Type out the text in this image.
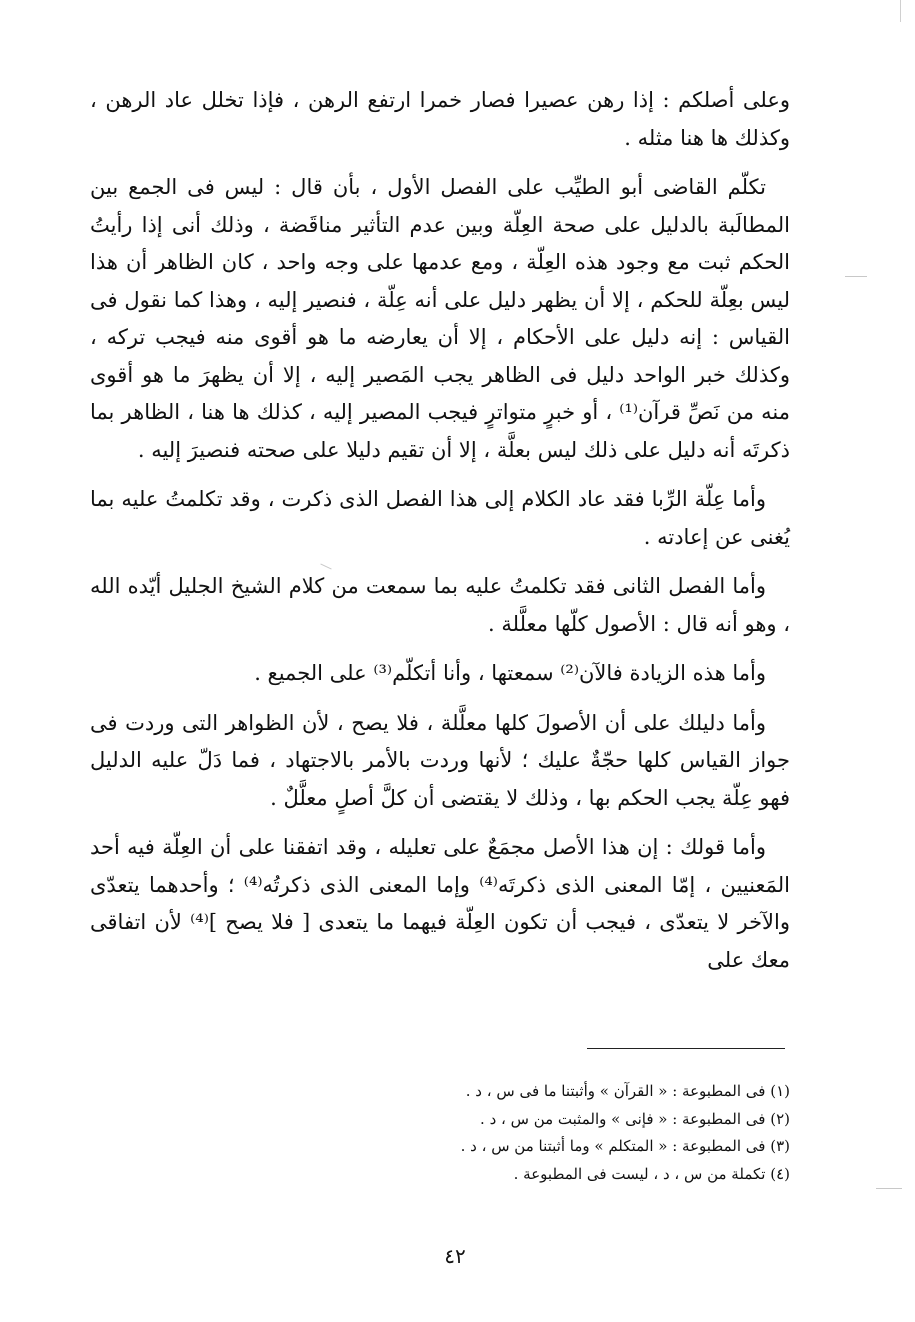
وعلى أصلكم : إذا رهن عصيرا فصار خمرا ارتفع الرهن ، فإذا تخلل عاد الرهن ، وكذلك ها هنا مثله .

تكلّم القاضى أبو الطيِّب على الفصل الأول ، بأن قال : ليس فى الجمع بين المطالَبة بالدليل على صحة العِلّة وبين عدم التأثير مناقَضة ، وذلك أنى إذا رأيتُ الحكم ثبت مع وجود هذه العِلّة ، ومع عدمها على وجه واحد ، كان الظاهر أن هذا ليس بعِلّة للحكم ، إلا أن يظهر دليل على أنه عِلّة ، فنصير إليه ، وهذا كما نقول فى القياس : إنه دليل على الأحكام ، إلا أن يعارضه ما هو أقوى منه فيجب تركه ، وكذلك خبر الواحد دليل فى الظاهر يجب المَصير إليه ، إلا أن يظهرَ ما هو أقوى منه من نَصِّ قرآن⁽¹⁾ ، أو خبرٍ متواترٍ فيجب المصير إليه ، كذلك ها هنا ، الظاهر بما ذكرتَه أنه دليل على ذلك ليس بعلَّة ، إلا أن تقيم دليلا على صحته فنصيرَ إليه .

وأما عِلّة الرِّبا فقد عاد الكلام إلى هذا الفصل الذى ذكرت ، وقد تكلمتُ عليه بما يُغنى عن إعادته .

وأما الفصل الثانى فقد تكلمتُ عليه بما سمعت من كلام الشيخ الجليل أيّده الله ، وهو أنه قال : الأصول كلّها معلَّلة .

وأما هذه الزيادة فالآن⁽²⁾ سمعتها ، وأنا أتكلّم⁽³⁾ على الجميع .

وأما دليلك على أن الأصولَ كلها معلَّلة ، فلا يصح ، لأن الظواهر التى وردت فى جواز القياس كلها حجّةٌ عليك ؛ لأنها وردت بالأمر بالاجتهاد ، فما دَلّ عليه الدليل فهو عِلّة يجب الحكم بها ، وذلك لا يقتضى أن كلَّ أصلٍ معلَّلٌ .

وأما قولك : إن هذا الأصل مجمَعٌ على تعليله ، وقد اتفقنا على أن العِلّة فيه أحد المَعنيين ، إمّا المعنى الذى ذكرتَه⁽⁴⁾ وإما المعنى الذى ذكرتُه⁽⁴⁾ ؛ وأحدهما يتعدّى والآخر لا يتعدّى ، فيجب أن تكون العِلّة فيهما ما يتعدى [ فلا يصح ]⁽⁴⁾ لأن اتفاقى معك على

(١) فى المطبوعة : « القرآن » وأثبتنا ما فى س ، د .

(٢) فى المطبوعة : « فإنى » والمثبت من س ، د .

(٣) فى المطبوعة : « المتكلم » وما أثبتنا من س ، د .

(٤) تكملة من س ، د ، ليست فى المطبوعة .

٤٢
